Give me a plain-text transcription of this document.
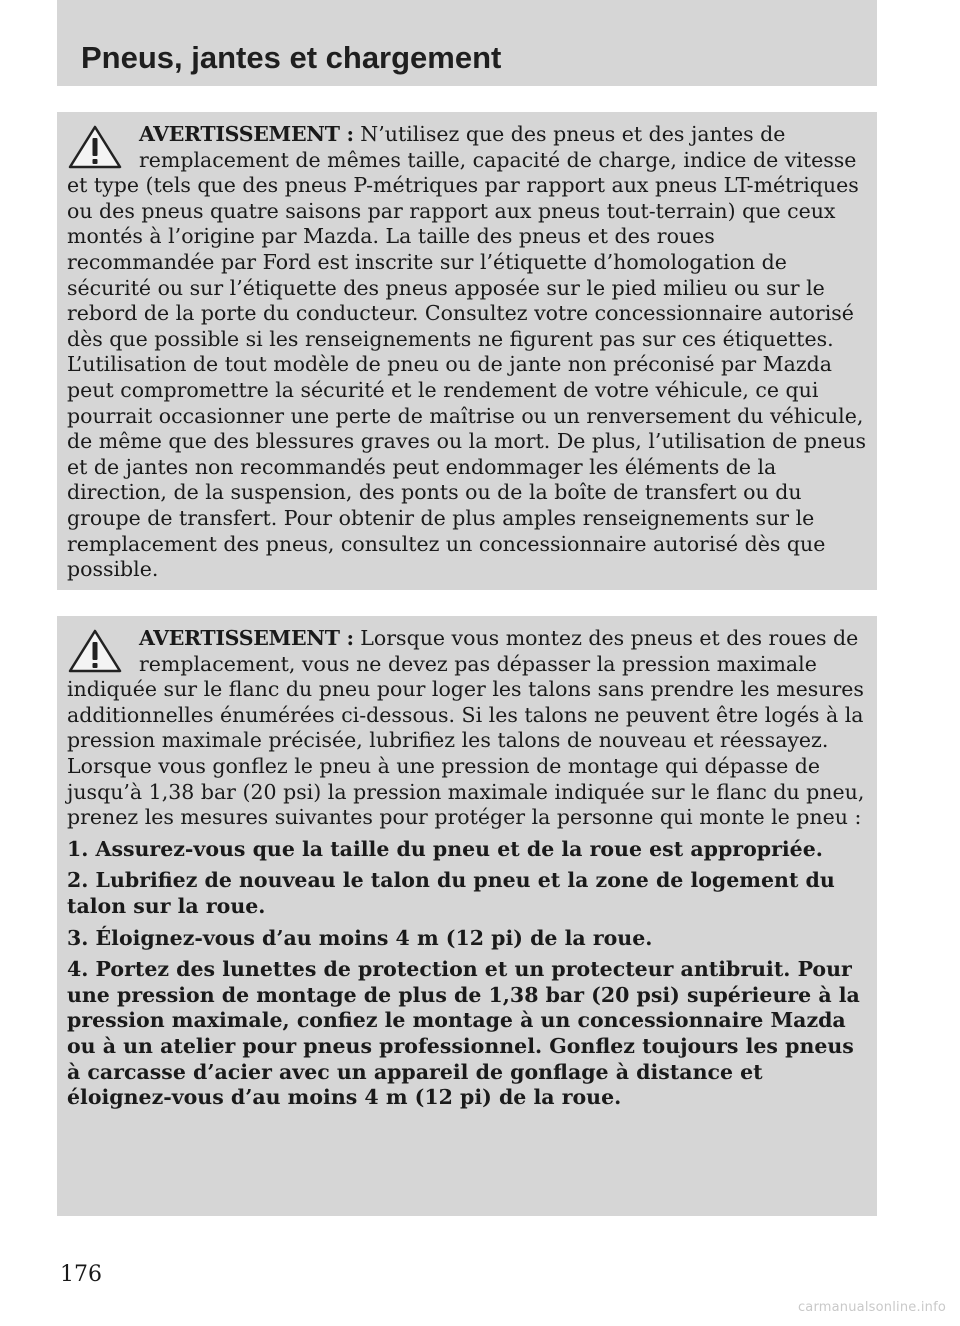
Pneus, jantes et chargement

AVERTISSEMENT : N’utilisez que des pneus et des jantes de remplacement de mêmes taille, capacité de charge, indice de vitesse et type (tels que des pneus P-métriques par rapport aux pneus LT-métriques ou des pneus quatre saisons par rapport aux pneus tout-terrain) que ceux montés à l’origine par Mazda. La taille des pneus et des roues recommandée par Ford est inscrite sur l’étiquette d’homologation de sécurité ou sur l’étiquette des pneus apposée sur le pied milieu ou sur le rebord de la porte du conducteur. Consultez votre concessionnaire autorisé dès que possible si les renseignements ne figurent pas sur ces étiquettes. L’utilisation de tout modèle de pneu ou de jante non préconisé par Mazda peut compromettre la sécurité et le rendement de votre véhicule, ce qui pourrait occasionner une perte de maîtrise ou un renversement du véhicule, de même que des blessures graves ou la mort. De plus, l’utilisation de pneus et de jantes non recommandés peut endommager les éléments de la direction, de la suspension, des ponts ou de la boîte de transfert ou du groupe de transfert. Pour obtenir de plus amples renseignements sur le remplacement des pneus, consultez un concessionnaire autorisé dès que possible.

AVERTISSEMENT : Lorsque vous montez des pneus et des roues de remplacement, vous ne devez pas dépasser la pression maximale indiquée sur le flanc du pneu pour loger les talons sans prendre les mesures additionnelles énumérées ci-dessous. Si les talons ne peuvent être logés à la pression maximale précisée, lubrifiez les talons de nouveau et réessayez.

Lorsque vous gonflez le pneu à une pression de montage qui dépasse de jusqu’à 1,38 bar (20 psi) la pression maximale indiquée sur le flanc du pneu, prenez les mesures suivantes pour protéger la personne qui monte le pneu :

1. Assurez-vous que la taille du pneu et de la roue est appropriée.

2. Lubrifiez de nouveau le talon du pneu et la zone de logement du talon sur la roue.

3. Éloignez-vous d’au moins 4 m (12 pi) de la roue.

4. Portez des lunettes de protection et un protecteur antibruit. Pour une pression de montage de plus de 1,38 bar (20 psi) supérieure à la pression maximale, confiez le montage à un concessionnaire Mazda ou à un atelier pour pneus professionnel. Gonflez toujours les pneus à carcasse d’acier avec un appareil de gonflage à distance et éloignez-vous d’au moins 4 m (12 pi) de la roue.

176
carmanualsonline.info
